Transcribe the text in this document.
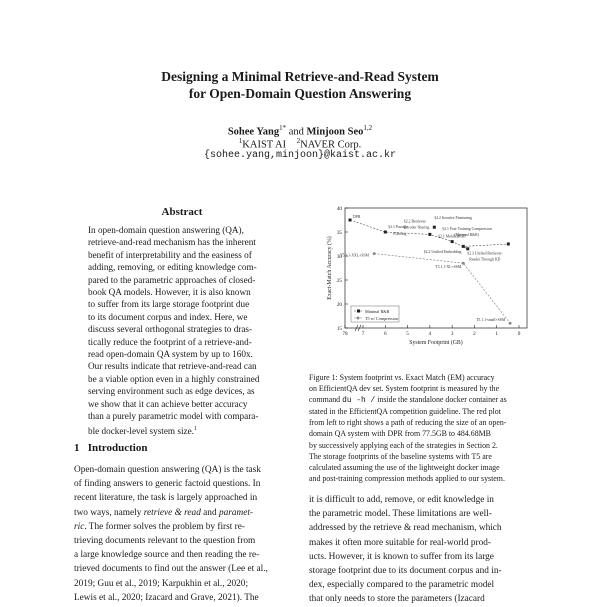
Designing a Minimal Retrieve-and-Read System
for Open-Domain Question Answering
Sohee Yang$^{1*}$ and Minjoon Seo$^{1,2}$
$^1$KAIST AI $^2$NAVER Corp.
{sohee.yang,minjoon}@kaist.ac.kr
Abstract
In open-domain question answering (QA),
retrieve-and-read mechanism has the inherent
benefit of interpretability and the easiness of
adding, removing, or editing knowledge com-
pared to the parametric approaches of closed-
book QA models. However, it is also known
to suffer from its large storage footprint due
to its document corpus and index. Here, we
discuss several orthogonal strategies to dras-
tically reduce the footprint of a retrieve-and-
read open-domain QA system by up to 160x.
Our results indicate that retrieve-and-read can
be a viable option even in a highly constrained
serving environment such as edge devices, as
we show that it can achieve better accuracy
than a purely parametric model with compara-
ble docker-level system size.$^1$
1 Introduction
Open-domain question answering (QA) is the task
of finding answers to generic factoid questions. In
recent literature, the task is largely approached in
two ways, namely retrieve & read and paramet-
ric. The former solves the problem by first re-
trieving documents relevant to the question from
a large knowledge source and then reading the re-
trieved documents to find out the answer (Lee et al.,
2019; Guu et al., 2019; Karpukhin et al., 2020;
Lewis et al., 2020; Izacard and Grave, 2021). The
15
20
25
30
35
40
78	7	6	5	4	3	2	1	0
System Footprint (GB)
Exact-Match Accuracy (%)
DPR
§2.1 Passage
Filtering
§2.2 Retriever-
Encoder Sharing
§2.2 Iterative Finetuning
§2.1 MobileBERT
§2.1 Post-Training Compression
(Minimal R&R)
§2.3 Unified Retriever-
Reader Through KD
§2.2 Unified Embedding
T5.1.1-XXL+SSM
T5.1.1-XL+SSM
T5.1.1-small+SSM
Minimal R&R
T5 w/ Compression
Figure 1: System footprint vs. Exact Match (EM) accuracy
on EfficientQA dev set. System footprint is measured by the
command du -h / inside the standalone docker container as
stated in the EfficientQA competition guideline. The red plot
from left to right shows a path of reducing the size of an open-
domain QA system with DPR from 77.5GB to 484.68MB
by successively applying each of the strategies in Section 2.
The storage footprints of the baseline systems with T5 are
calculated assuming the use of the lightweight docker image
and post-training compression methods applied to our system.
it is difficult to add, remove, or edit knowledge in
the parametric model. These limitations are well-
addressed by the retrieve & read mechanism, which
makes it often more suitable for real-world prod-
ucts. However, it is known to suffer from its large
storage footprint due to its document corpus and in-
dex, especially compared to the parametric model
that only needs to store the parameters (Izacard
